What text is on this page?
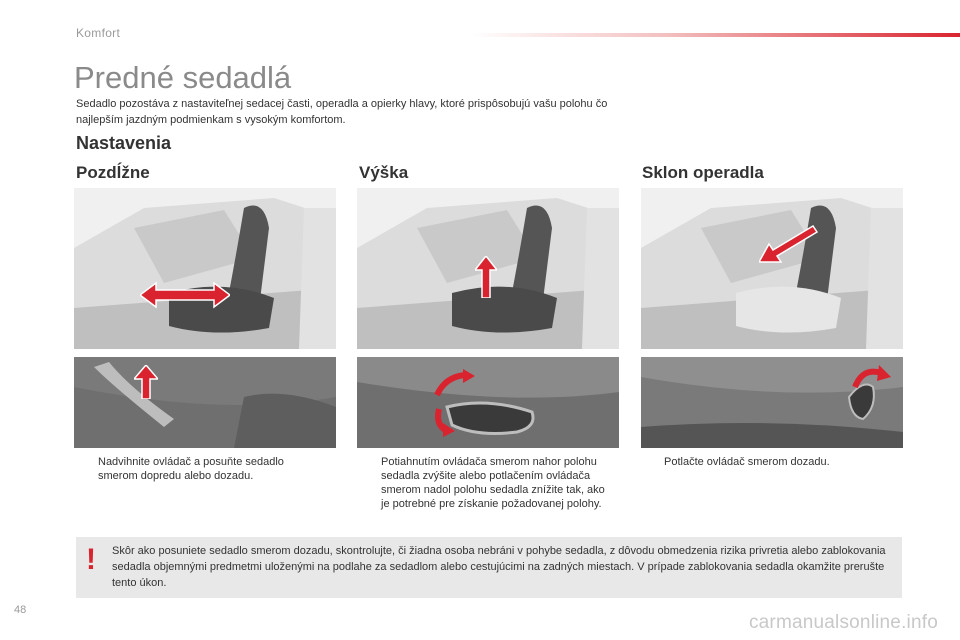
Komfort
Predné sedadlá

Sedadlo pozostáva z nastaviteľnej sedacej časti, operadla a opierky hlavy, ktoré prispôsobujú vašu polohu čo najlepším jazdným podmienkam s vysokým komfortom.

Nastavenia
Pozdĺžne	Výška	Sklon operadla
Nadvihnite ovládač a posuňte sedadlo smerom dopredu alebo dozadu.
Potiahnutím ovládača smerom nahor polohu sedadla zvýšite alebo potlačením ovládača smerom nadol polohu sedadla znížite tak, ako je potrebné pre získanie požadovanej polohy.
Potlačte ovládač smerom dozadu.
! Skôr ako posuniete sedadlo smerom dozadu, skontrolujte, či žiadna osoba nebráni v pohybe sedadla, z dôvodu obmedzenia rizika privretia alebo zablokovania sedadla objemnými predmetmi uloženými na podlahe za sedadlom alebo cestujúcimi na zadných miestach. V prípade zablokovania sedadla okamžite prerušte tento úkon.
48
carmanualsonline.info
